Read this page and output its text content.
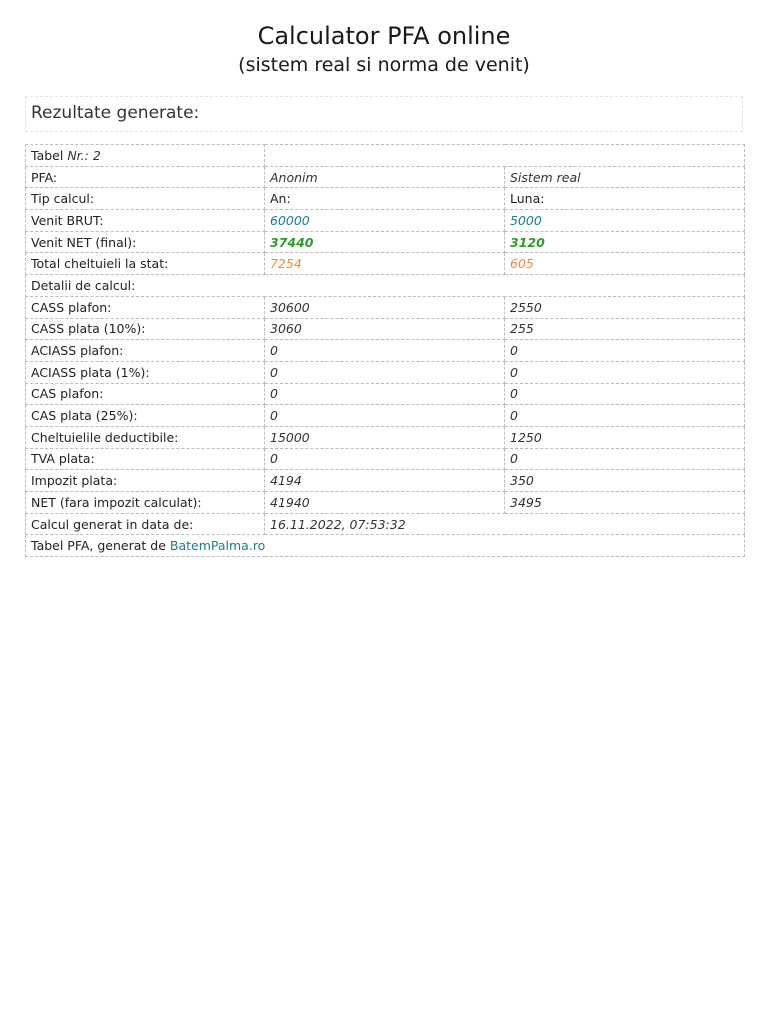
Calculator PFA online
(sistem real si norma de venit)
Rezultate generate:
Tabel Nr.: 2		
PFA:	Anonim	Sistem real
Tip calcul:	An:	Luna:
Venit BRUT:	60000	5000
Venit NET (final):	37440	3120
Total cheltuieli la stat:	7254	605
Detalii de calcul:		
CASS plafon:	30600	2550
CASS plata (10%):	3060	255
ACIASS plafon:	0	0
ACIASS plata (1%):	0	0
CAS plafon:	0	0
CAS plata (25%):	0	0
Cheltuielile deductibile:	15000	1250
TVA plata:	0	0
Impozit plata:	4194	350
NET (fara impozit calculat):	41940	3495
Calcul generat in data de:	16.11.2022, 07:53:32	
Tabel PFA, generat de BatemPalma.ro		
